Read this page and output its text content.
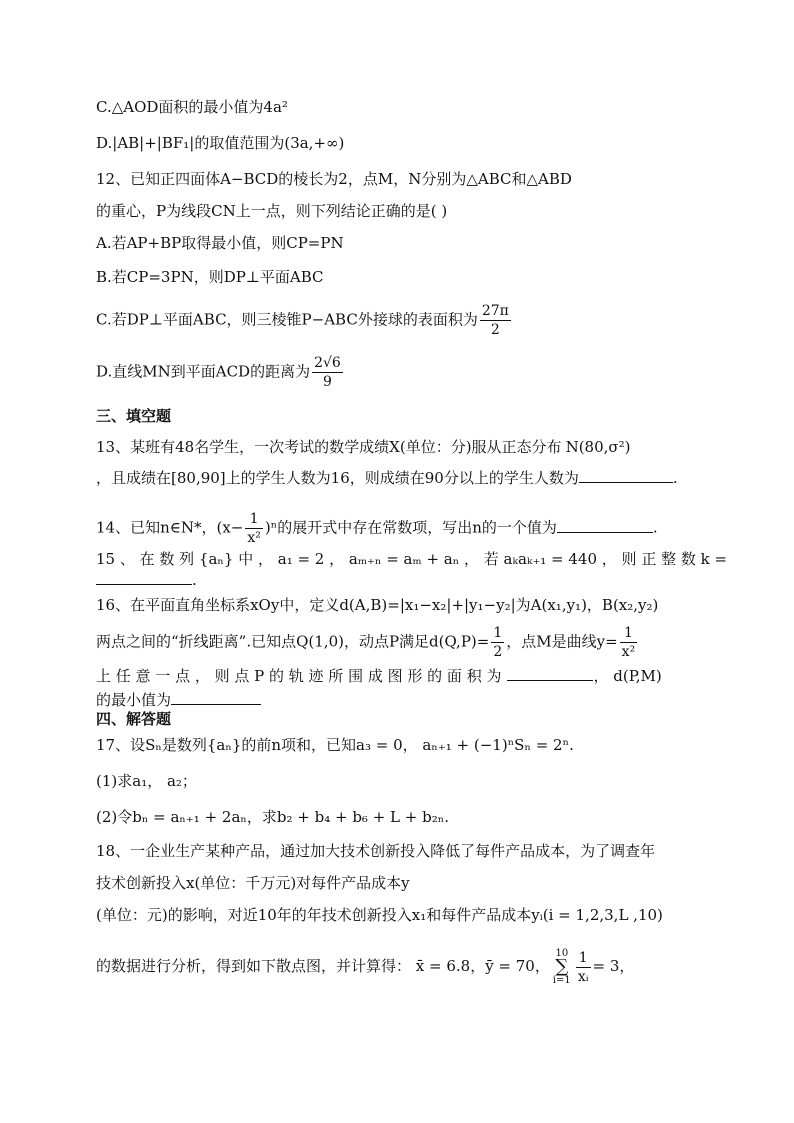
C.△AOD面积的最小值为4a²
D.|AB|+|BF₁|的取值范围为(3a,+∞)
12、已知正四面体A−BCD的棱长为2，点M，N分别为△ABC和△ABD
的重心，P为线段CN上一点，则下列结论正确的是( )
A.若AP+BP取得最小值，则CP=PN
B.若CP=3PN，则DP⊥平面ABC
C.若DP⊥平面ABC，则三棱锥P−ABC外接球的表面积为 $\frac{27\pi}{2}$
D.直线MN到平面ACD的距离为 $\frac{2√6}{9}$
三、填空题
13、某班有48名学生，一次考试的数学成绩X(单位：分)服从正态分布 N(80,σ²)
，且成绩在[80,90]上的学生人数为16，则成绩在90分以上的学生人数为	.
14、已知n∈N*，$(x- \frac{1}{\text{x²}} )^n$的展开式中存在常数项，写出n的一个值为	.
15 、 在 数 列 {aₙ} 中 ， a₁ = 2 ， aₘ₊ₙ = aₘ + aₙ ， 若 aₖaₖ₊₁ = 440 ， 则 正 整 数 k =
.
16、在平面直角坐标系xOy中，定义d(A,B)=|x₁−x₂|+|y₁−y₂|为A(x₁,y₁)，B(x₂,y₂)
两点之间的“折线距离”.已知点Q(1,0)，动点P满足$d(Q,P)= \frac{1}{2}$ ，点M是曲线$y= \frac{1}{\text{x²}}$
上 任 意 一 点 ， 则 点 P 的 轨 迹 所 围 成 图 形 的 面 积 为	， d(P,M)
的最小值为
四、解答题
17、设Sₙ是数列{aₙ}的前n项和，已知a₃ = 0， aₙ₊₁ + (−1)ⁿSₙ = 2ⁿ.
(1)求a₁， a₂；
(2)令bₙ = aₙ₊₁ + 2aₙ，求b₂ + b₄ + b₆ + L + b₂ₙ.
18、一企业生产某种产品，通过加大技术创新投入降低了每件产品成本，为了调查年
技术创新投入x(单位：千万元)对每件产品成本y
(单位：元)的影响，对近10年的年技术创新投入x₁和每件产品成本yᵢ(i = 1,2,3,L ,10)
的数据进行分析，得到如下散点图，并计算得： x̄ = 6.8，ȳ = 70，
10
∑
$i=1 \frac{1}{\text{xᵢ}} = 3$，
